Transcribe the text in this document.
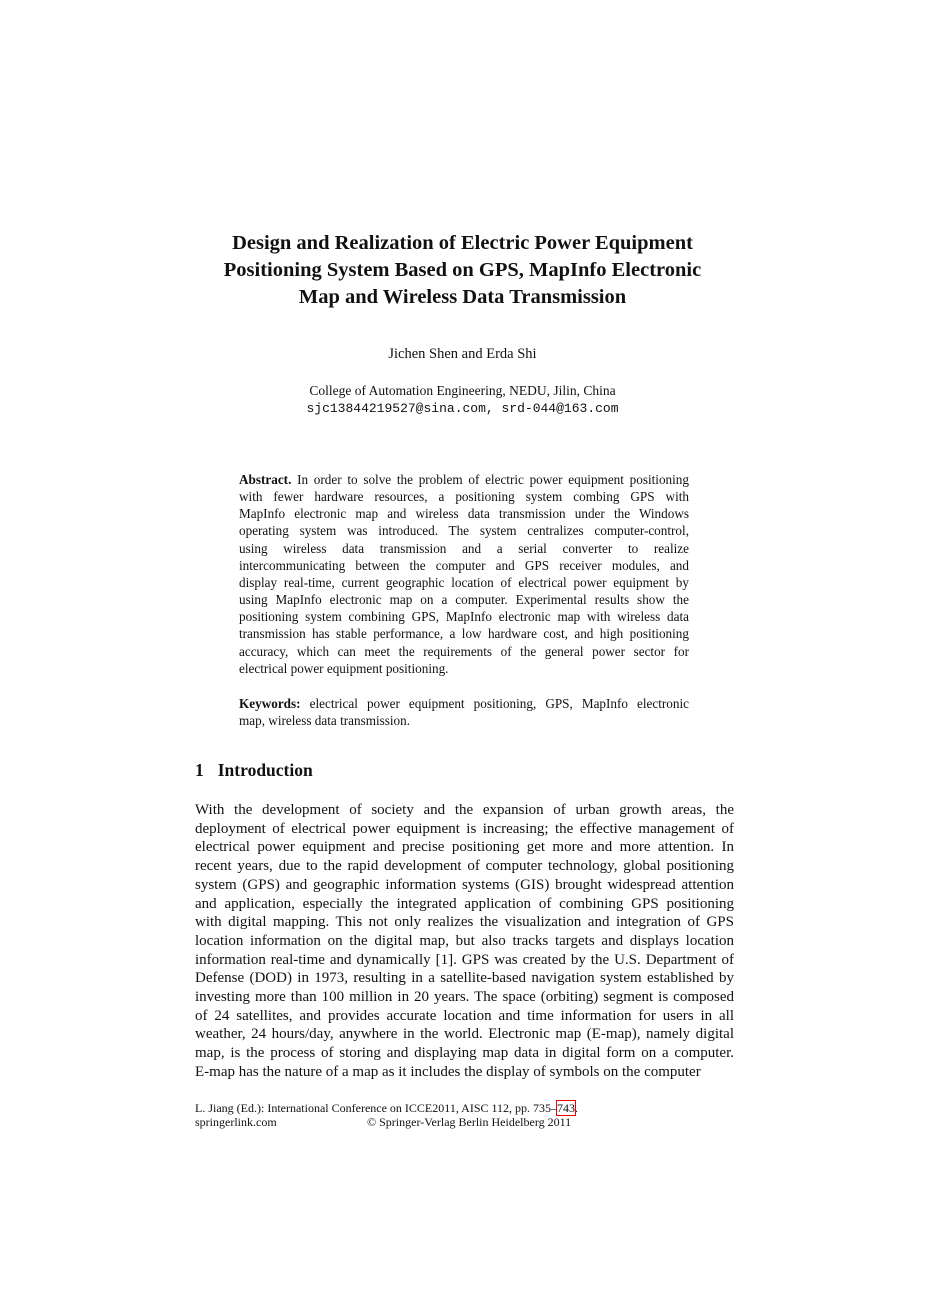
Design and Realization of Electric Power Equipment
Positioning System Based on GPS, MapInfo Electronic
Map and Wireless Data Transmission
Jichen Shen and Erda Shi
College of Automation Engineering, NEDU, Jilin, China
sjc13844219527@sina.com, srd-044@163.com
Abstract. In order to solve the problem of electric power equipment positioning
with fewer hardware resources, a positioning system combing GPS with
MapInfo electronic map and wireless data transmission under the Windows
operating system was introduced. The system centralizes computer-control,
using wireless data transmission and a serial converter to realize
intercommunicating between the computer and GPS receiver modules, and
display real-time, current geographic location of electrical power equipment by
using MapInfo electronic map on a computer. Experimental results show the
positioning system combining GPS, MapInfo electronic map with wireless data
transmission has stable performance, a low hardware cost, and high positioning
accuracy, which can meet the requirements of the general power sector for
electrical power equipment positioning.
Keywords: electrical power equipment positioning, GPS, MapInfo electronic
map, wireless data transmission.
1 Introduction
With the development of society and the expansion of urban growth areas, the
deployment of electrical power equipment is increasing; the effective management of
electrical power equipment and precise positioning get more and more attention. In
recent years, due to the rapid development of computer technology, global positioning
system (GPS) and geographic information systems (GIS) brought widespread attention
and application, especially the integrated application of combining GPS positioning
with digital mapping. This not only realizes the visualization and integration of GPS
location information on the digital map, but also tracks targets and displays location
information real-time and dynamically [1]. GPS was created by the U.S. Department of
Defense (DOD) in 1973, resulting in a satellite-based navigation system established by
investing more than 100 million in 20 years. The space (orbiting) segment is composed
of 24 satellites, and provides accurate location and time information for users in all
weather, 24 hours/day, anywhere in the world. Electronic map (E-map), namely digital
map, is the process of storing and displaying map data in digital form on a computer.
E-map has the nature of a map as it includes the display of symbols on the computer
L. Jiang (Ed.): International Conference on ICCE2011, AISC 112, pp. 735–743.
springerlink.com	© Springer-Verlag Berlin Heidelberg 2011
